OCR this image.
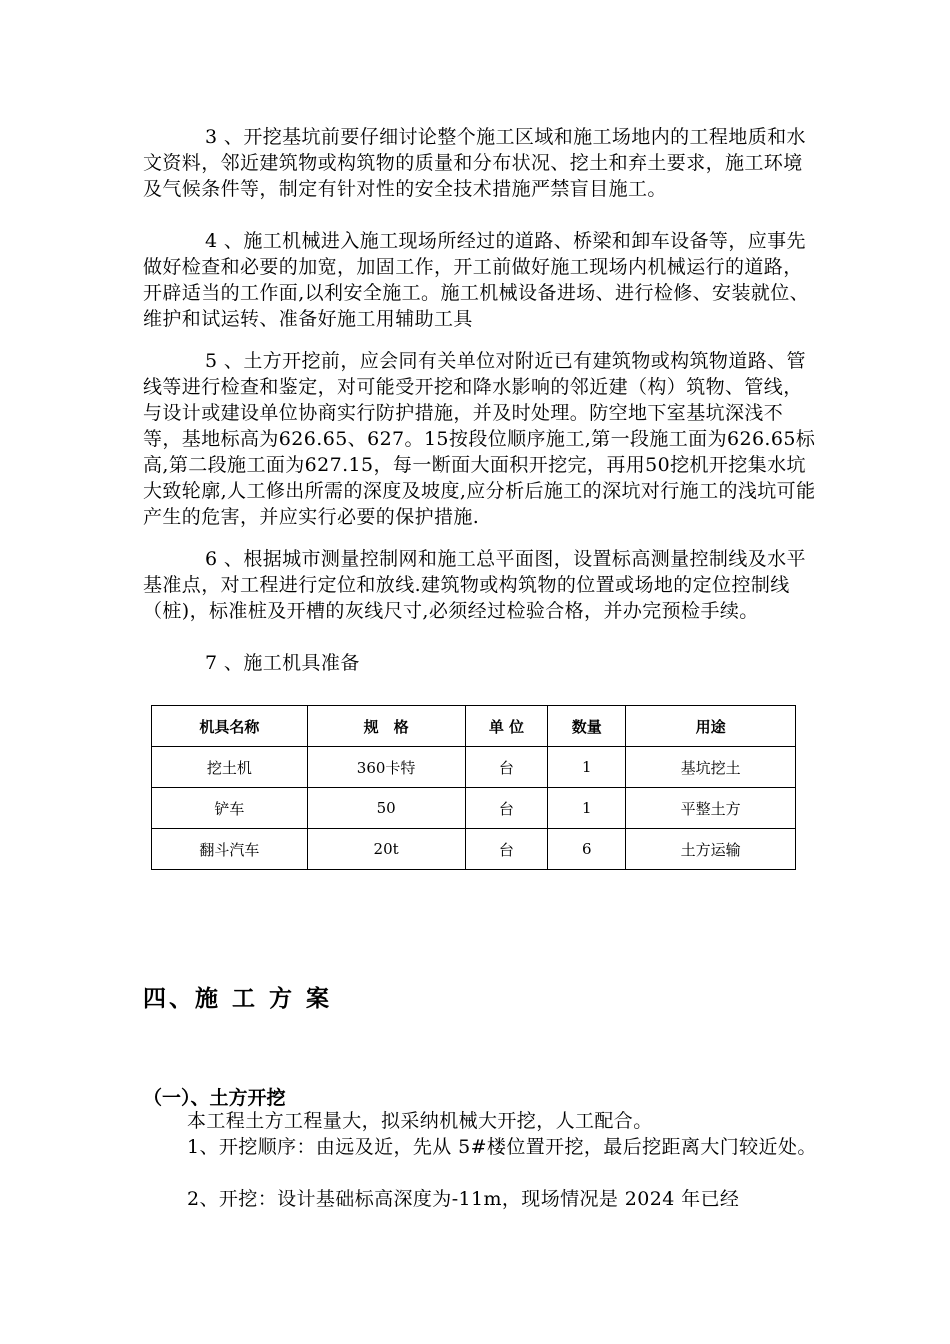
3 、开挖基坑前要仔细讨论整个施工区域和施工场地内的工程地质和水文资料，邻近建筑物或构筑物的质量和分布状况、挖土和弃土要求，施工环境及气候条件等，制定有针对性的安全技术措施严禁盲目施工。

4 、施工机械进入施工现场所经过的道路、桥梁和卸车设备等，应事先做好检查和必要的加宽，加固工作，开工前做好施工现场内机械运行的道路，开辟适当的工作面,以利安全施工。施工机械设备进场、进行检修、安装就位、维护和试运转、准备好施工用辅助工具

5 、土方开挖前，应会同有关单位对附近已有建筑物或构筑物道路、管线等进行检查和鉴定，对可能受开挖和降水影响的邻近建（构）筑物、管线，与设计或建设单位协商实行防护措施，并及时处理。防空地下室基坑深浅不等，基地标高为626.65、627。15按段位顺序施工,第一段施工面为626.65标高,第二段施工面为627.15，每一断面大面积开挖完，再用50挖机开挖集水坑大致轮廓,人工修出所需的深度及坡度,应分析后施工的深坑对行施工的浅坑可能产生的危害，并应实行必要的保护措施.

6 、根据城市测量控制网和施工总平面图，设置标高测量控制线及水平基准点，对工程进行定位和放线.建筑物或构筑物的位置或场地的定位控制线（桩)，标准桩及开槽的灰线尺寸,必须经过检验合格，并办完预检手续。

7 、施工机具准备

机具名称	规　格	单 位	数量	用途
挖土机	360卡特	台	1	基坑挖土
铲车	50	台	1	平整土方
翻斗汽车	20t	台	6	土方运输
四、施 工 方 案
（一）、土方开挖

本工程土方工程量大，拟采纳机械大开挖，人工配合。

1、开挖顺序：由远及近，先从 5#楼位置开挖，最后挖距离大门较近处。

2、开挖：设计基础标高深度为-11m，现场情况是 2024 年已经
